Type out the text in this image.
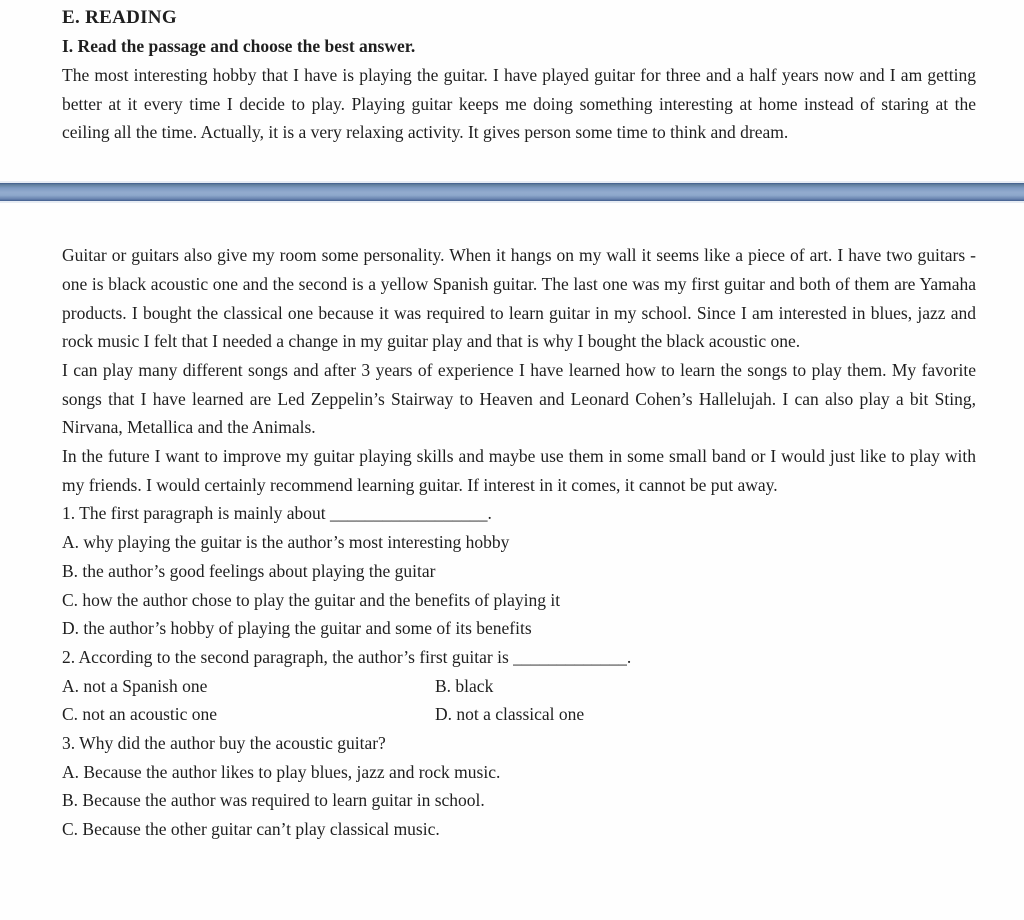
E. READING
I. Read the passage and choose the best answer.

The most interesting hobby that I have is playing the guitar. I have played guitar for three and a half years now and I am getting better at it every time I decide to play. Playing guitar keeps me doing something interesting at home instead of staring at the ceiling all the time. Actually, it is a very relaxing activity. It gives person some time to think and dream.

Guitar or guitars also give my room some personality. When it hangs on my wall it seems like a piece of art. I have two guitars - one is black acoustic one and the second is a yellow Spanish guitar. The last one was my first guitar and both of them are Yamaha products. I bought the classical one because it was required to learn guitar in my school. Since I am interested in blues, jazz and rock music I felt that I needed a change in my guitar play and that is why I bought the black acoustic one.

I can play many different songs and after 3 years of experience I have learned how to learn the songs to play them. My favorite songs that I have learned are Led Zeppelin’s Stairway to Heaven and Leonard Cohen’s Hallelujah. I can also play a bit Sting, Nirvana, Metallica and the Animals.

In the future I want to improve my guitar playing skills and maybe use them in some small band or I would just like to play with my friends. I would certainly recommend learning guitar. If interest in it comes, it cannot be put away.

1. The first paragraph is mainly about __________________.

A. why playing the guitar is the author’s most interesting hobby

B. the author’s good feelings about playing the guitar

C. how the author chose to play the guitar and the benefits of playing it

D. the author’s hobby of playing the guitar and some of its benefits

2. According to the second paragraph, the author’s first guitar is _____________.

A. not a Spanish one	B. black

C. not an acoustic one	D. not a classical one

3. Why did the author buy the acoustic guitar?

A. Because the author likes to play blues, jazz and rock music.

B. Because the author was required to learn guitar in school.

C. Because the other guitar can’t play classical music.
